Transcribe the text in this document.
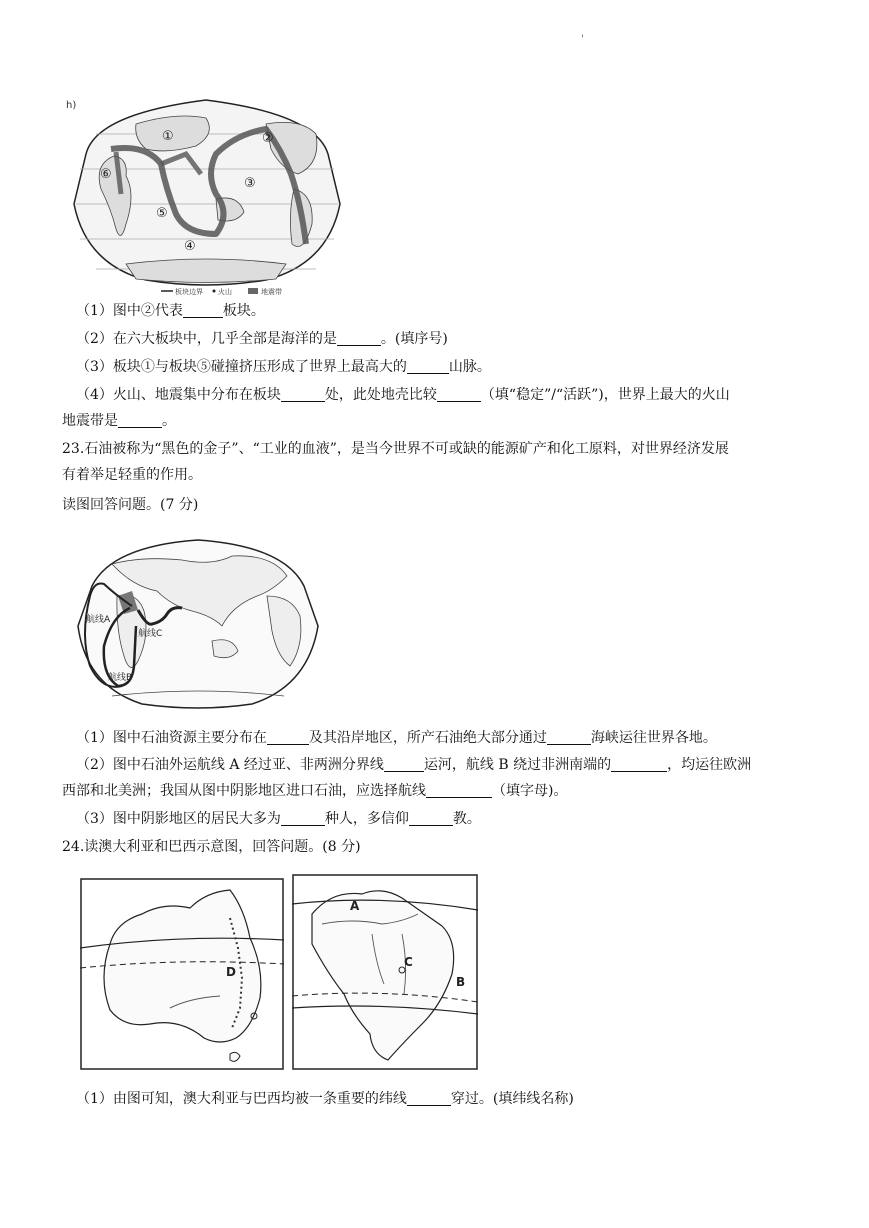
'
h)
①	②
③
④
⑤
⑥
板块边界 火山	地震带
（1）图中②代表	板块。
（2）在六大板块中，几乎全部是海洋的是	。(填序号)
（3）板块①与板块⑤碰撞挤压形成了世界上最高大的	山脉。
（4）火山、地震集中分布在板块	处，此处地壳比较	（填“稳定”/“活跃”)，世界上最大的火山
地震带是	。
23.石油被称为“黑色的金子”、“工业的血液”，是当今世界不可或缺的能源矿产和化工原料，对世界经济发展
有着举足轻重的作用。
读图回答问题。(7 分)
航线A
航线C
航线B
（1）图中石油资源主要分布在	及其沿岸地区，所产石油绝大部分通过	海峡运往世界各地。
（2）图中石油外运航线 A 经过亚、非两洲分界线	运河，航线 B 绕过非洲南端的	，均运往欧洲
西部和北美洲；我国从图中阴影地区进口石油，应选择航线	（填字母)。
（3）图中阴影地区的居民大多为	种人，多信仰	教。
24.读澳大利亚和巴西示意图，回答问题。(8 分)
D
A
C
B
（1）由图可知，澳大利亚与巴西均被一条重要的纬线	穿过。(填纬线名称)
